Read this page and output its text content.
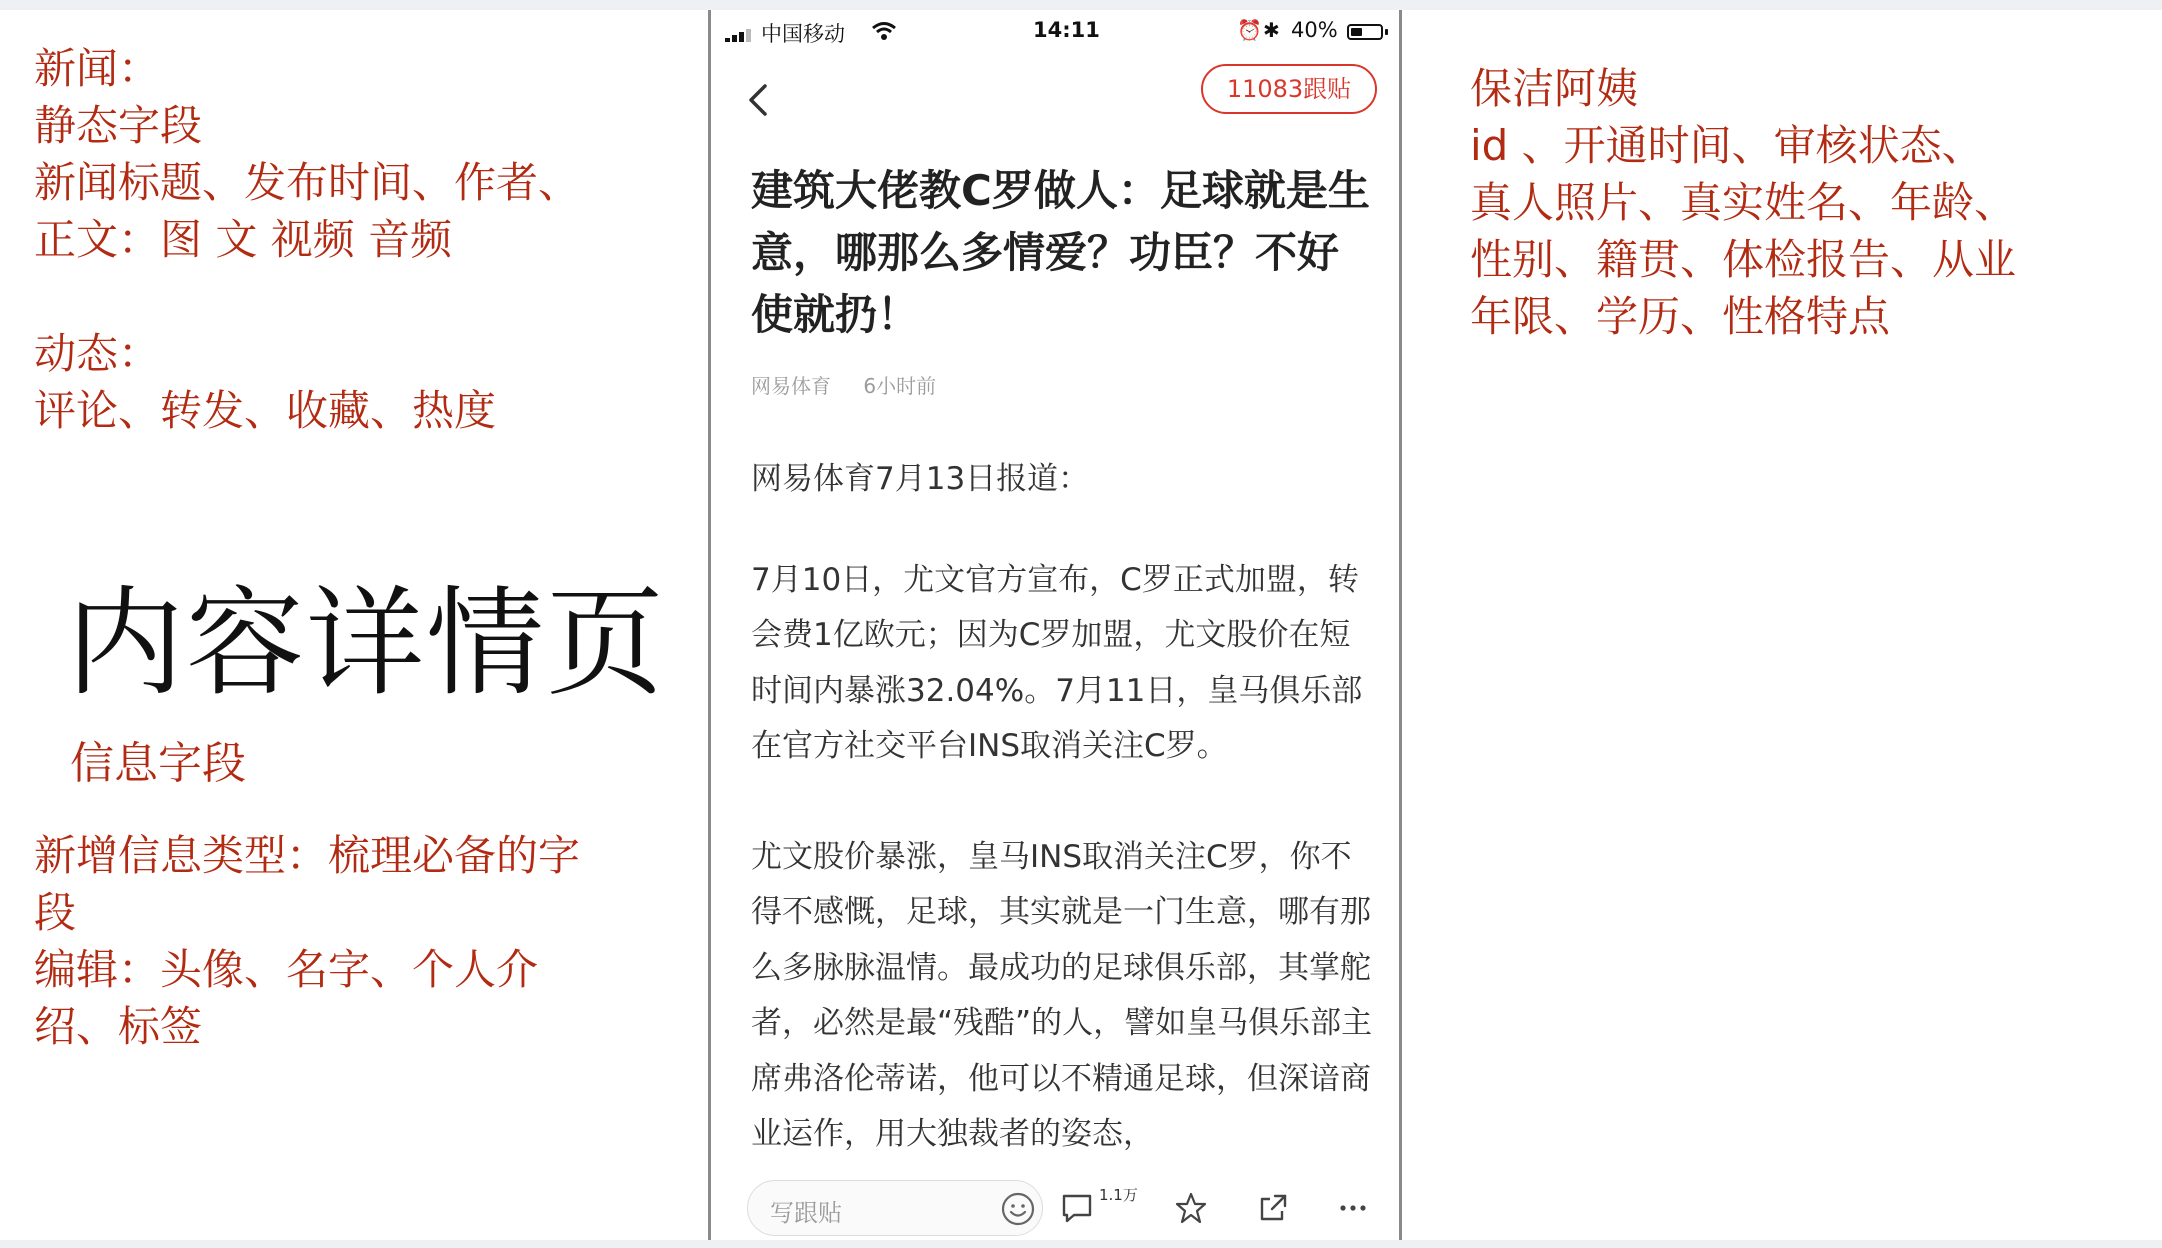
新闻：
静态字段
新闻标题、发布时间、作者、
正文：图 文 视频 音频
动态：
评论、转发、收藏、热度
内容详情页
信息字段
新增信息类型：梳理必备的字
段
编辑：头像、名字、个人介
绍、标签
保洁阿姨
id 、开通时间、审核状态、
真人照片、真实姓名、年龄、
性别、籍贯、体检报告、从业
年限、学历、性格特点
中国移动	14:11	⏰ ✱ 40%
11083跟贴
建筑大佬教C罗做人：足球就是生意，哪那么多情爱？功臣？不好使就扔！
网易体育 6小时前

网易体育7月13日报道：

7月10日，尤文官方宣布，C罗正式加盟，转会费1亿欧元；因为C罗加盟，尤文股价在短时间内暴涨32.04%。7月11日，皇马俱乐部在官方社交平台INS取消关注C罗。

尤文股价暴涨，皇马INS取消关注C罗，你不得不感慨，足球，其实就是一门生意，哪有那么多脉脉温情。最成功的足球俱乐部，其掌舵者，必然是最“残酷”的人，譬如皇马俱乐部主席弗洛伦蒂诺，他可以不精通足球，但深谙商业运作，用大独裁者的姿态，

写跟贴
1.1万
